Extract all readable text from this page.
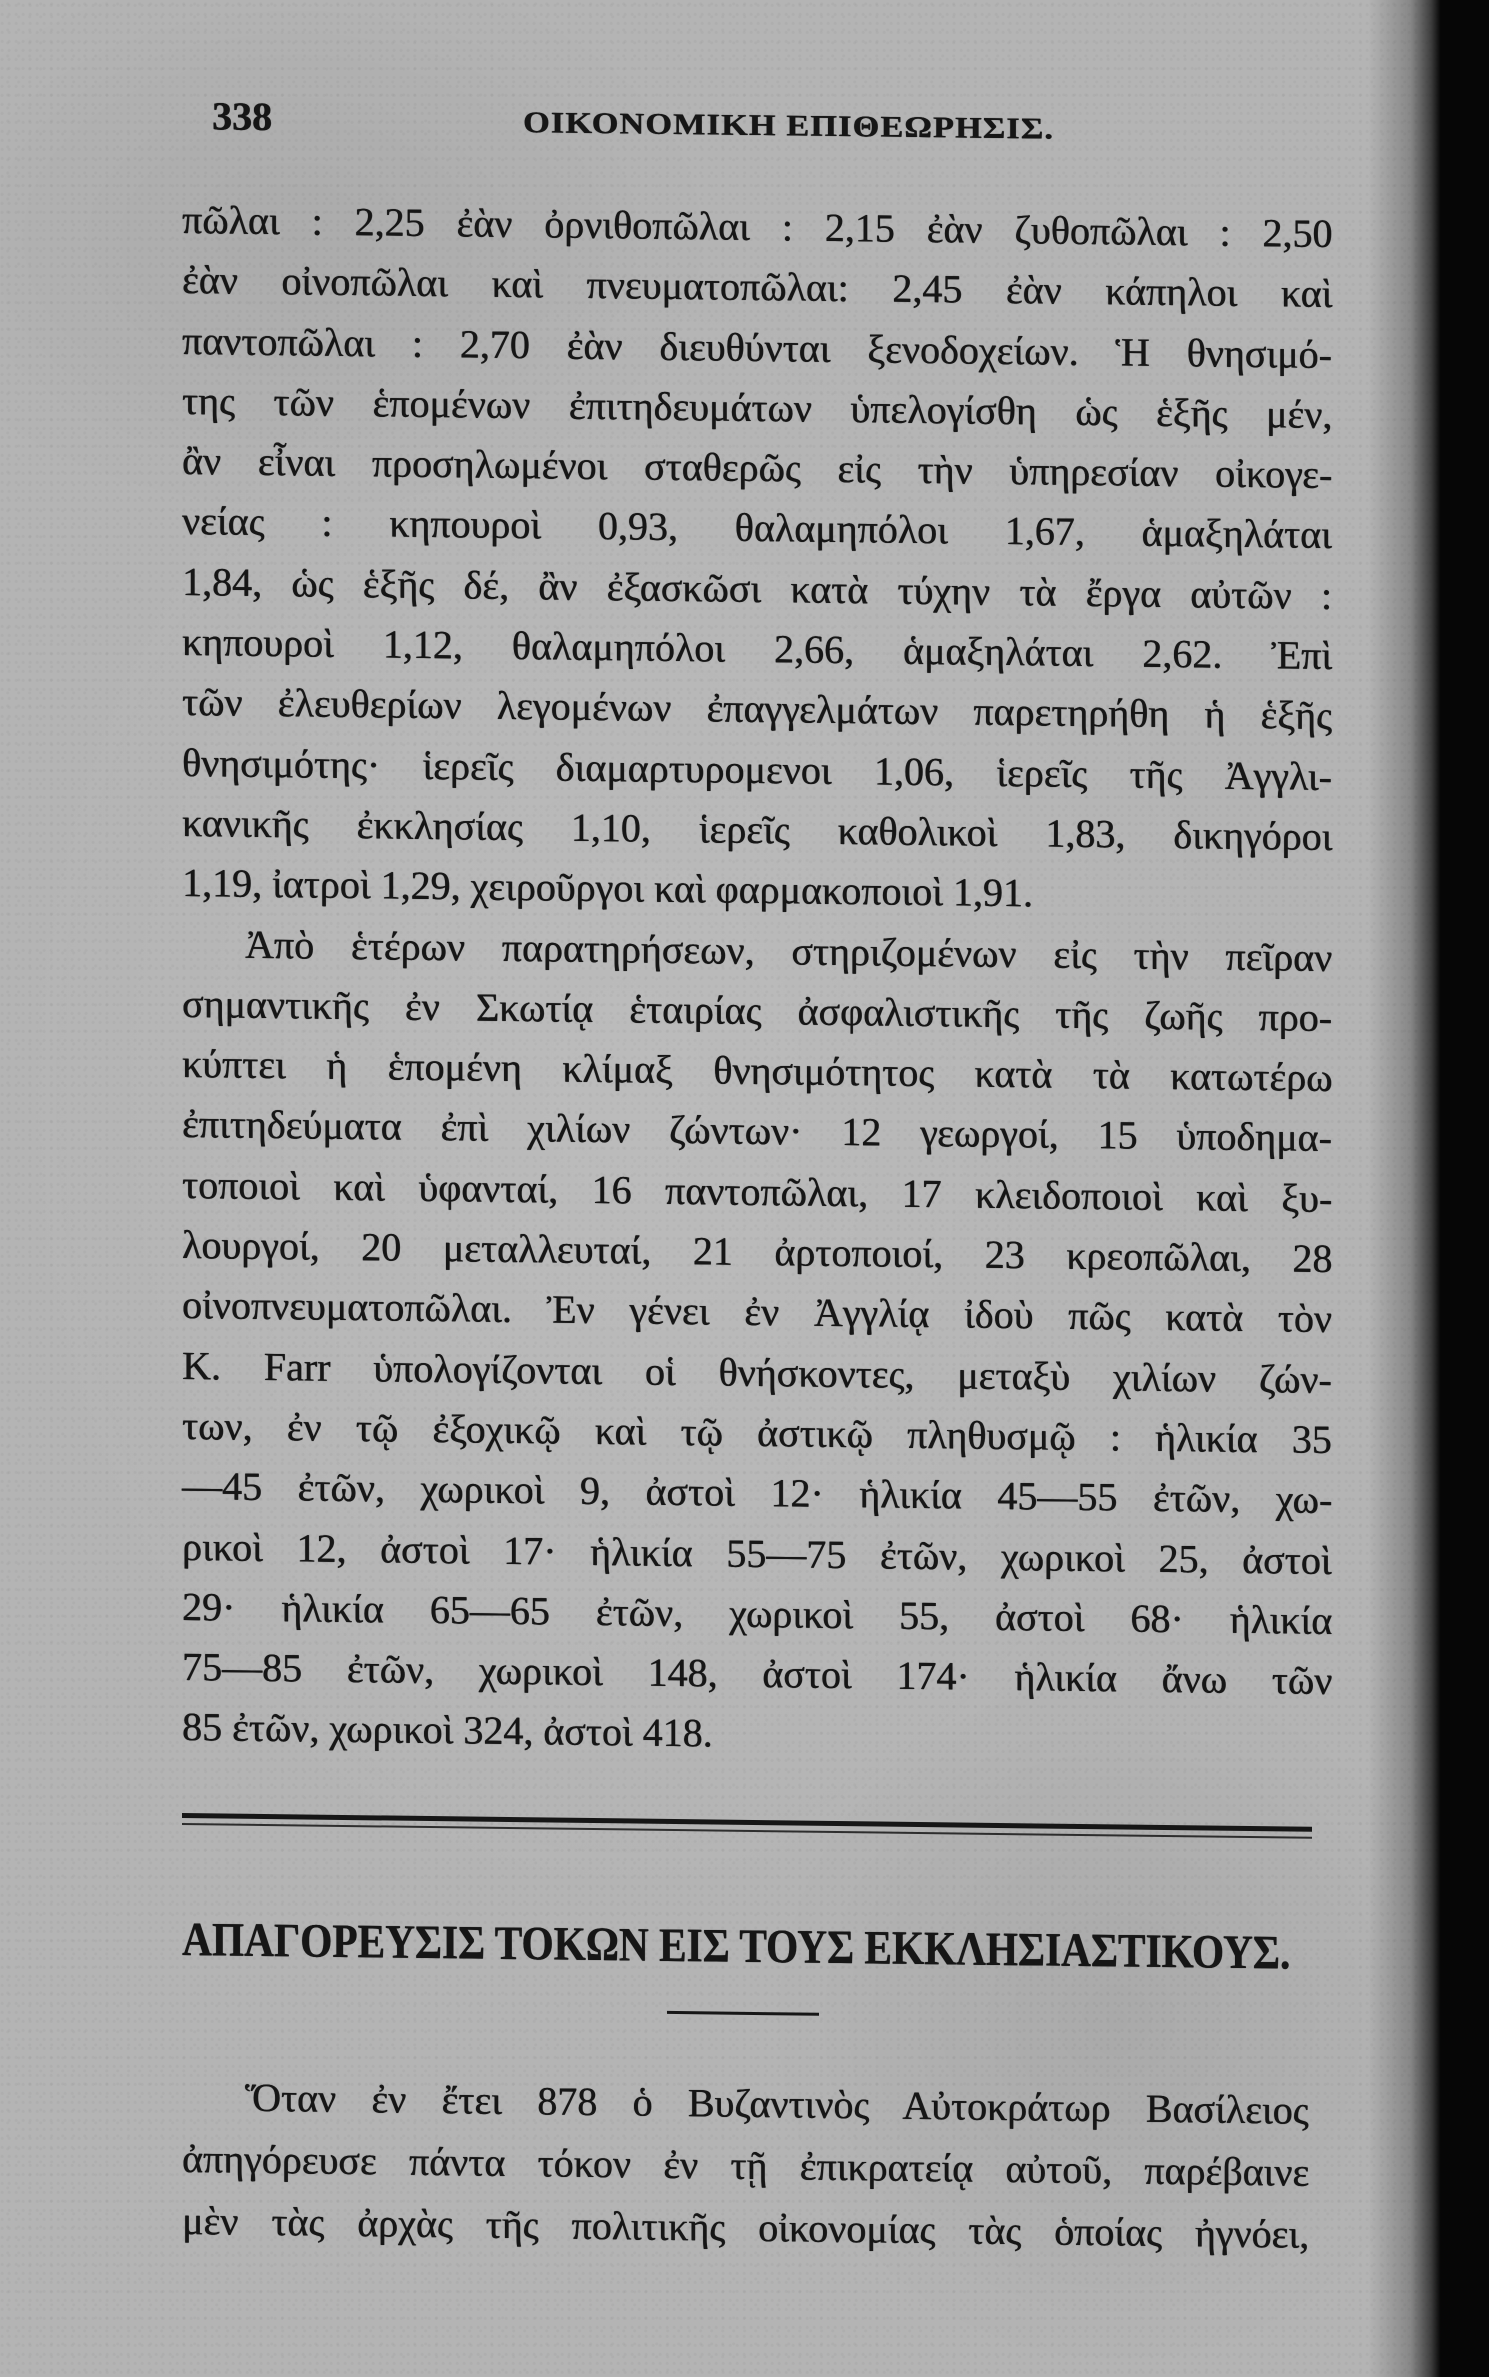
338	ΟΙΚΟΝΟΜΙΚΗ ΕΠΙΘΕΩΡΗΣΙΣ.
πῶλαι : 2,25 ἐὰν ὀρνιθοπῶλαι : 2,15 ἐὰν ζυθοπῶλαι : 2,50
ἐὰν οἰνοπῶλαι καὶ πνευματοπῶλαι: 2,45 ἐὰν κάπηλοι καὶ
παντοπῶλαι : 2,70 ἐὰν διευθύνται ξενοδοχείων. Ἡ θνησιμό-
της τῶν ἑπομένων ἐπιτηδευμάτων ὑπελογίσθη ὡς ἑξῆς μέν,
ἂν εἶναι προσηλωμένοι σταθερῶς εἰς τὴν ὑπηρεσίαν οἰκογε-
νείας : κηπουροὶ 0,93, θαλαμηπόλοι 1,67, ἁμαξηλάται
1,84, ὡς ἑξῆς δέ, ἂν ἐξασκῶσι κατὰ τύχην τὰ ἔργα αὐτῶν :
κηπουροὶ 1,12, θαλαμηπόλοι 2,66, ἁμαξηλάται 2,62. Ἐπὶ
τῶν ἐλευθερίων λεγομένων ἐπαγγελμάτων παρετηρήθη ἡ ἑξῆς
θνησιμότης· ἱερεῖς διαμαρτυρομενοι 1,06, ἱερεῖς τῆς Ἀγγλι-
κανικῆς ἐκκλησίας 1,10, ἱερεῖς καθολικοὶ 1,83, δικηγόροι
1,19, ἰατροὶ 1,29, χειροῦργοι καὶ φαρμακοποιοὶ 1,91.
Ἀπὸ ἑτέρων παρατηρήσεων, στηριζομένων εἰς τὴν πεῖραν
σημαντικῆς ἐν Σκωτίᾳ ἑταιρίας ἀσφαλιστικῆς τῆς ζωῆς προ-
κύπτει ἡ ἑπομένη κλίμαξ θνησιμότητος κατὰ τὰ κατωτέρω
ἐπιτηδεύματα ἐπὶ χιλίων ζώντων· 12 γεωργοί, 15 ὑποδημα-
τοποιοὶ καὶ ὑφανταί, 16 παντοπῶλαι, 17 κλειδοποιοὶ καὶ ξυ-
λουργοί, 20 μεταλλευταί, 21 ἀρτοποιοί, 23 κρεοπῶλαι, 28
οἰνοπνευματοπῶλαι. Ἐν γένει ἐν Ἀγγλίᾳ ἰδοὺ πῶς κατὰ τὸν
Κ. Farr ὑπολογίζονται οἱ θνήσκοντες, μεταξὺ χιλίων ζών-
των, ἐν τῷ ἐξοχικῷ καὶ τῷ ἀστικῷ πληθυσμῷ : ἡλικία 35
—45 ἐτῶν, χωρικοὶ 9, ἀστοὶ 12· ἡλικία 45—55 ἐτῶν, χω-
ρικοὶ 12, ἀστοὶ 17· ἡλικία 55—75 ἐτῶν, χωρικοὶ 25, ἀστοὶ
29· ἡλικία 65—65 ἐτῶν, χωρικοὶ 55, ἀστοὶ 68· ἡλικία
75—85 ἐτῶν, χωρικοὶ 148, ἀστοὶ 174· ἡλικία ἄνω τῶν
85 ἐτῶν, χωρικοὶ 324, ἀστοὶ 418.
ΑΠΑΓΟΡΕΥΣΙΣ ΤΟΚΩΝ ΕΙΣ ΤΟΥΣ ΕΚΚΛΗΣΙΑΣΤΙΚΟΥΣ.
Ὅταν ἐν ἔτει 878 ὁ Βυζαντινὸς Αὐτοκράτωρ Βασίλειος
ἀπηγόρευσε πάντα τόκον ἐν τῇ ἐπικρατείᾳ αὐτοῦ, παρέβαινε
μὲν τὰς ἀρχὰς τῆς πολιτικῆς οἰκονομίας τὰς ὁποίας ἠγνόει,
